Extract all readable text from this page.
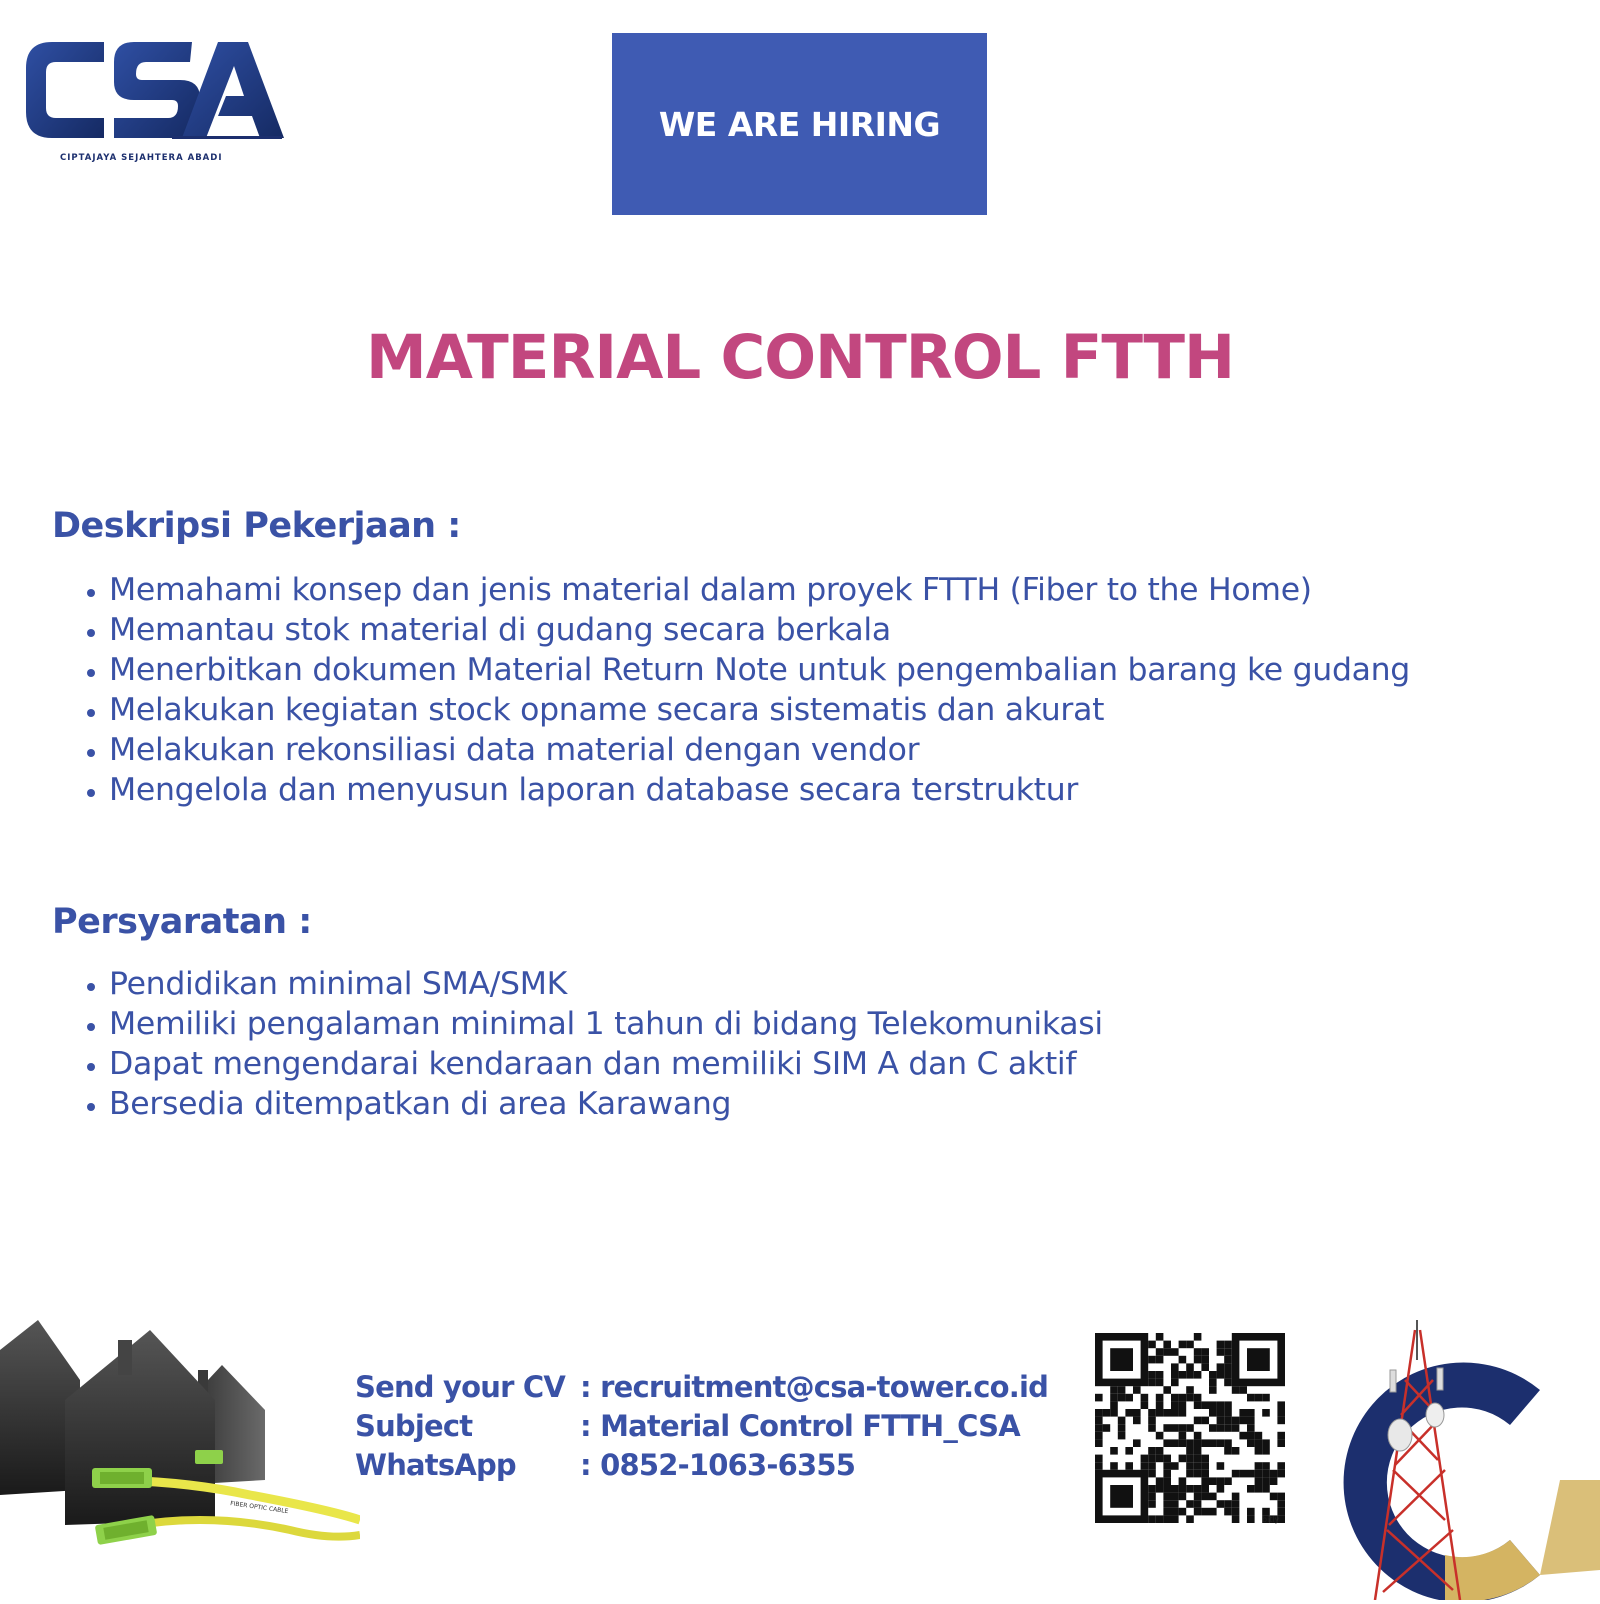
CIPTAJAYA SEJAHTERA ABADI
WE ARE HIRING
MATERIAL CONTROL FTTH
Deskripsi Pekerjaan :
• Memahami konsep dan jenis material dalam proyek FTTH (Fiber to the Home)
• Memantau stok material di gudang secara berkala
• Menerbitkan dokumen Material Return Note untuk pengembalian barang ke gudang
• Melakukan kegiatan stock opname secara sistematis dan akurat
• Melakukan rekonsiliasi data material dengan vendor
• Mengelola dan menyusun laporan database secara terstruktur
Persyaratan :
• Pendidikan minimal SMA/SMK
• Memiliki pengalaman minimal 1 tahun di bidang Telekomunikasi
• Dapat mengendarai kendaraan dan memiliki SIM A dan C aktif
• Bersedia ditempatkan di area Karawang
FIBER OPTIC CABLE
Send your CV : recruitment@csa-tower.co.id
Subject	: Material Control FTTH_CSA
WhatsApp	: 0852-1063-6355
bitly
